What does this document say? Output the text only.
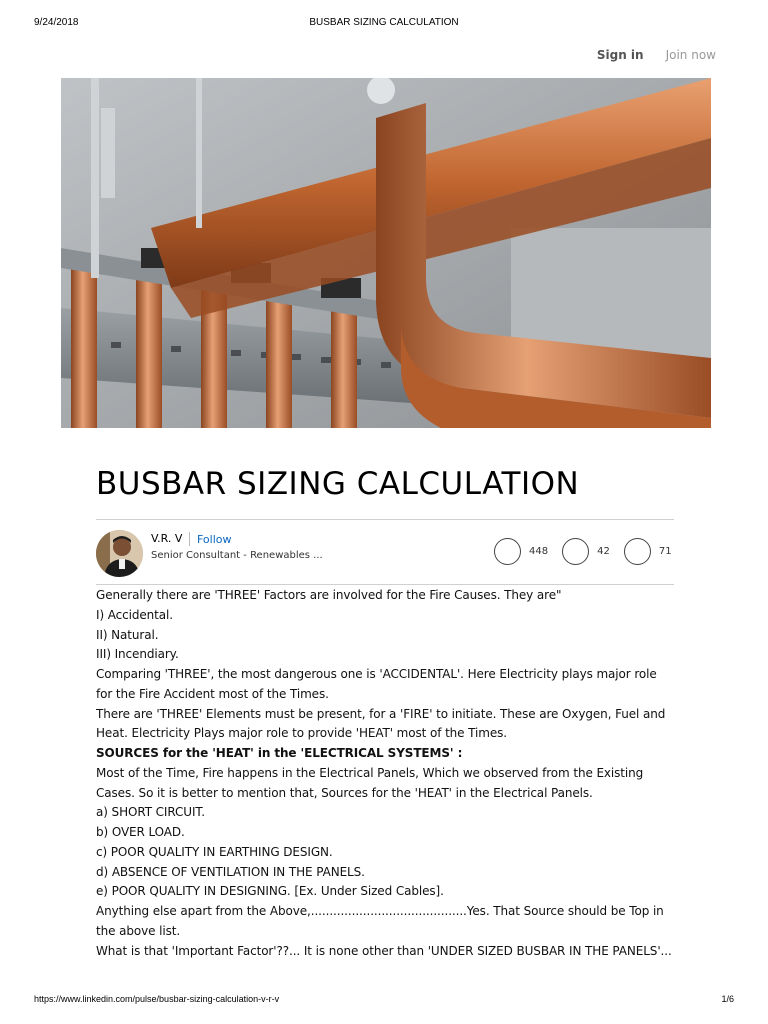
9/24/2018	BUSBAR SIZING CALCULATION
Sign in Join now
BUSBAR SIZING CALCULATION
V.R. V Follow
Senior Consultant - Renewables ...	448	42	71

Generally there are 'THREE' Factors are involved for the Fire Causes. They are"

I) Accidental.

II) Natural.

III) Incendiary.

Comparing 'THREE', the most dangerous one is 'ACCIDENTAL'. Here Electricity plays major role for the Fire Accident most of the Times.

There are 'THREE' Elements must be present, for a 'FIRE' to initiate. These are Oxygen, Fuel and Heat. Electricity Plays major role to provide 'HEAT' most of the Times.

SOURCES for the 'HEAT' in the 'ELECTRICAL SYSTEMS' :

Most of the Time, Fire happens in the Electrical Panels, Which we observed from the Existing Cases. So it is better to mention that, Sources for the 'HEAT' in the Electrical Panels.

a) SHORT CIRCUIT.

b) OVER LOAD.

c) POOR QUALITY IN EARTHING DESIGN.

d) ABSENCE OF VENTILATION IN THE PANELS.

e) POOR QUALITY IN DESIGNING. [Ex. Under Sized Cables].

Anything else apart from the Above,..........................................Yes. That Source should be Top in the above list.

What is that 'Important Factor'??... It is none other than 'UNDER SIZED BUSBAR IN THE PANELS'...

https://www.linkedin.com/pulse/busbar-sizing-calculation-v-r-v	1/6
